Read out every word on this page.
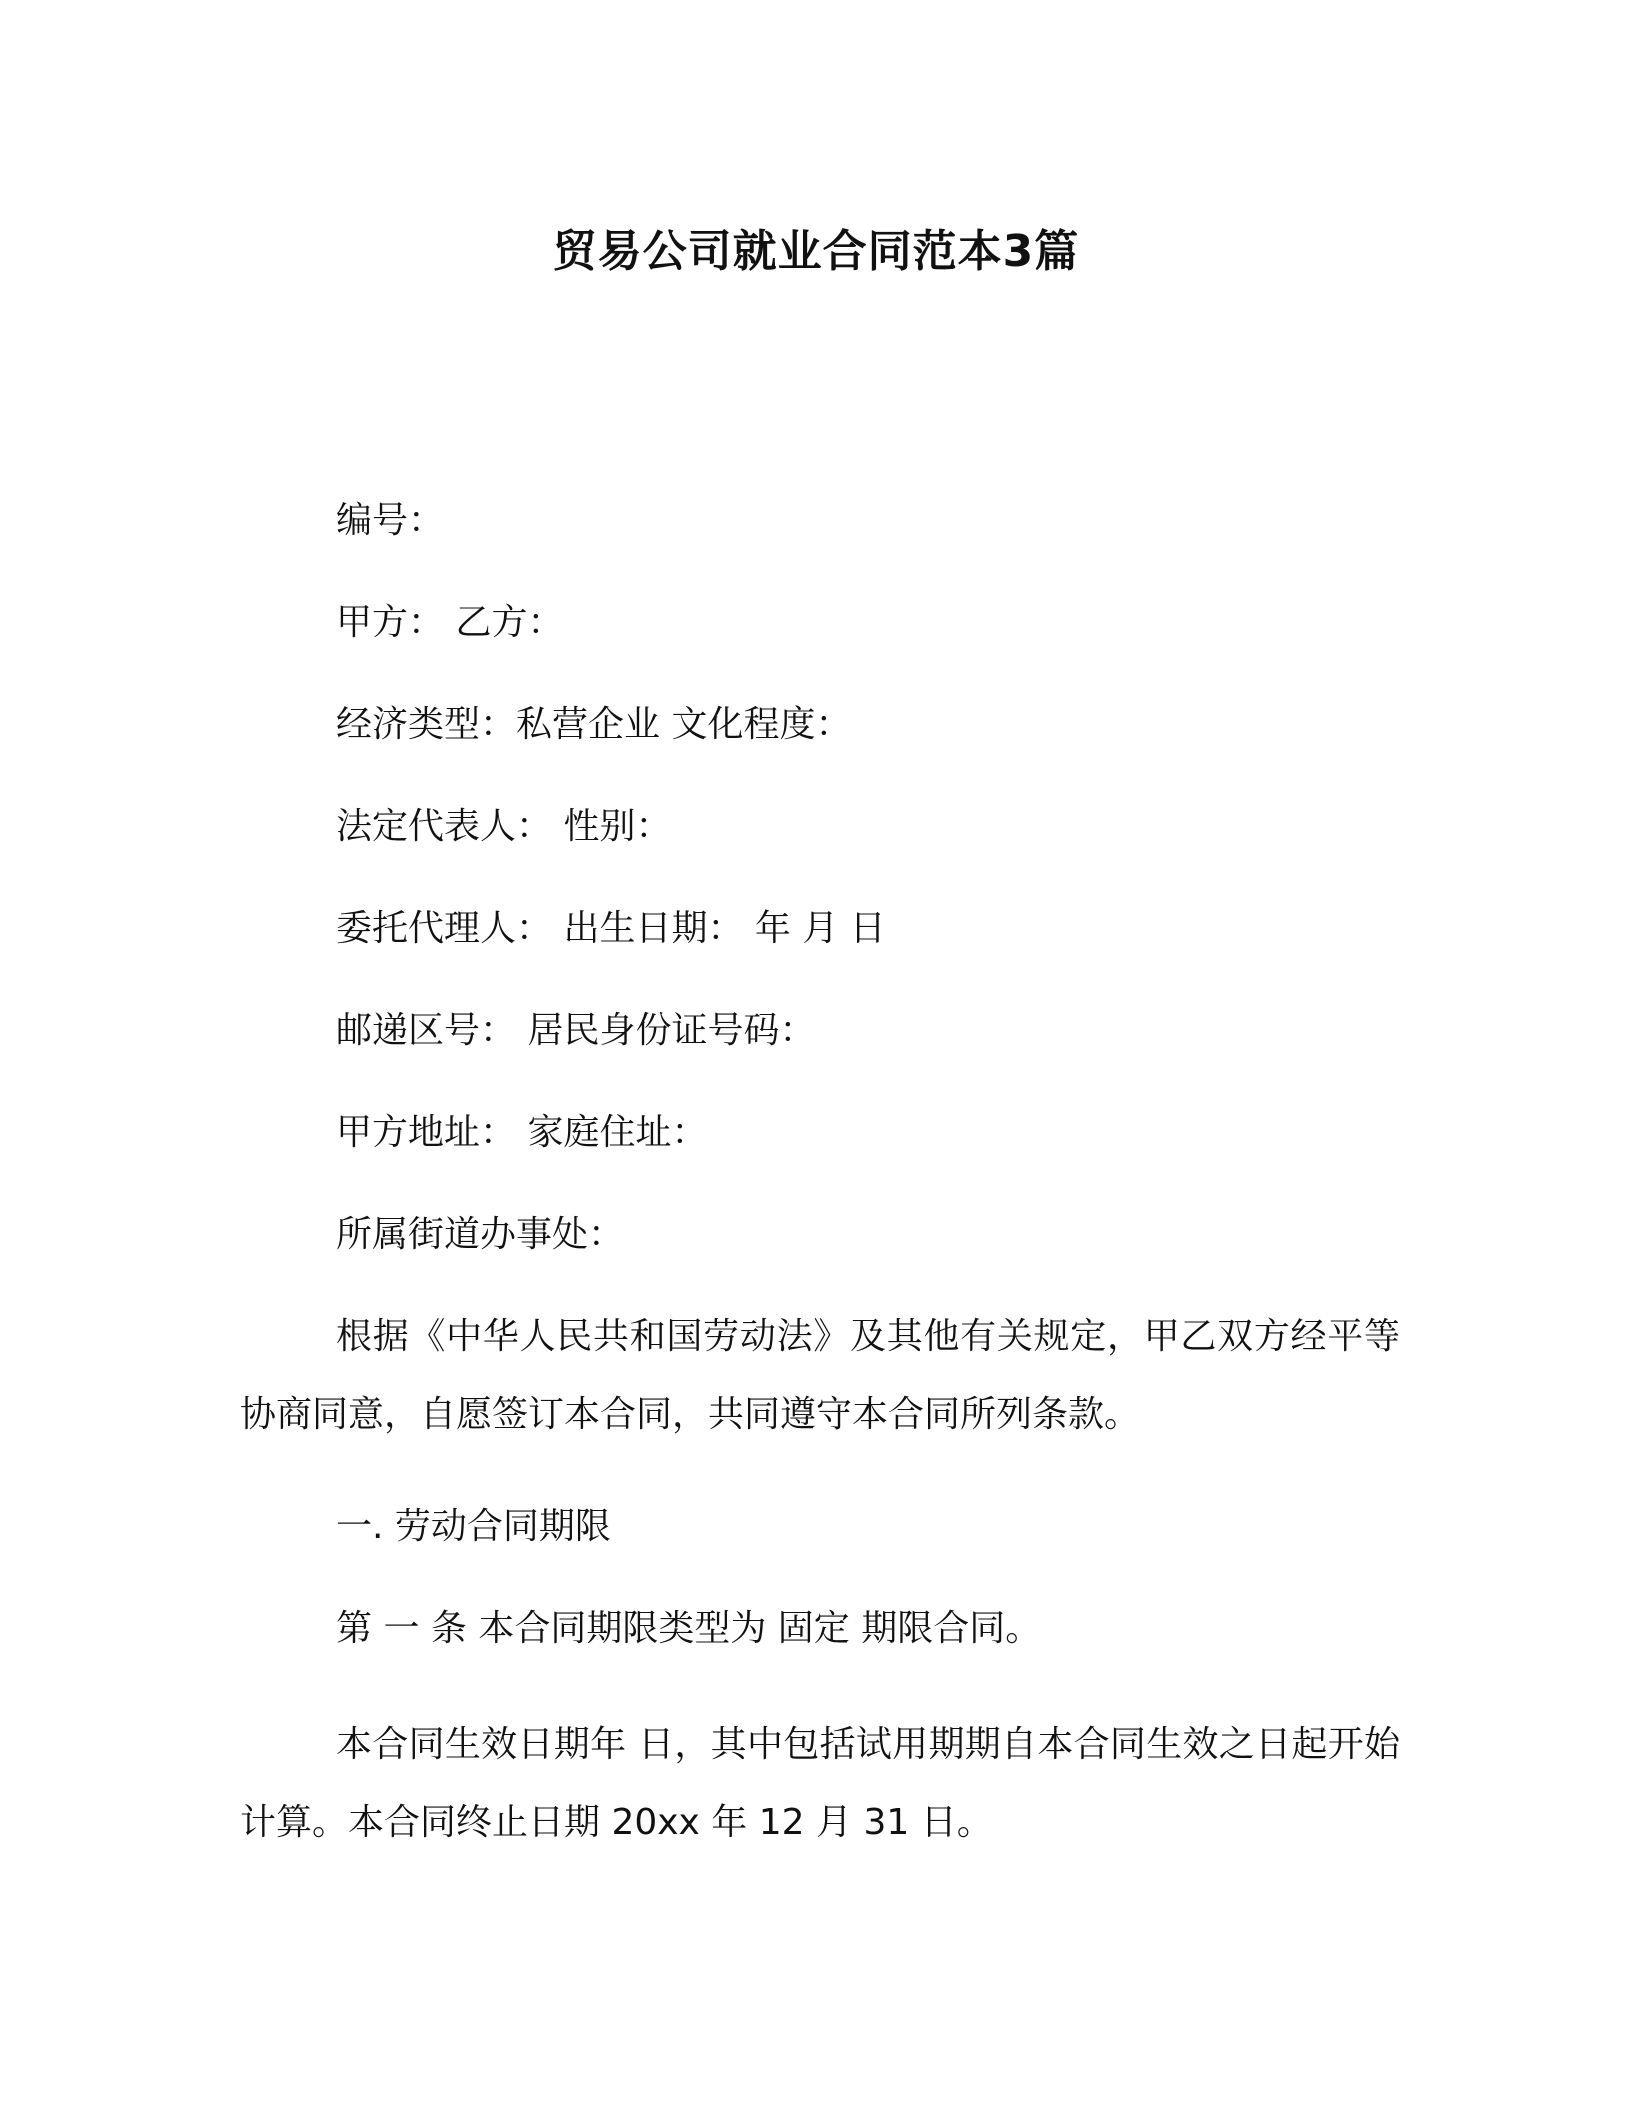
贸易公司就业合同范本3篇

编号：

甲方： 乙方：

经济类型：私营企业 文化程度：

法定代表人： 性别：

委托代理人： 出生日期： 年 月 日

邮递区号： 居民身份证号码：

甲方地址： 家庭住址：

所属街道办事处：

根据《中华人民共和国劳动法》及其他有关规定，甲乙双方经平等协商同意，自愿签订本合同，共同遵守本合同所列条款。

一. 劳动合同期限

第 一 条 本合同期限类型为 固定 期限合同。

本合同生效日期年 日，其中包括试用期期自本合同生效之日起开始计算。本合同终止日期 20xx 年 12 月 31 日。
